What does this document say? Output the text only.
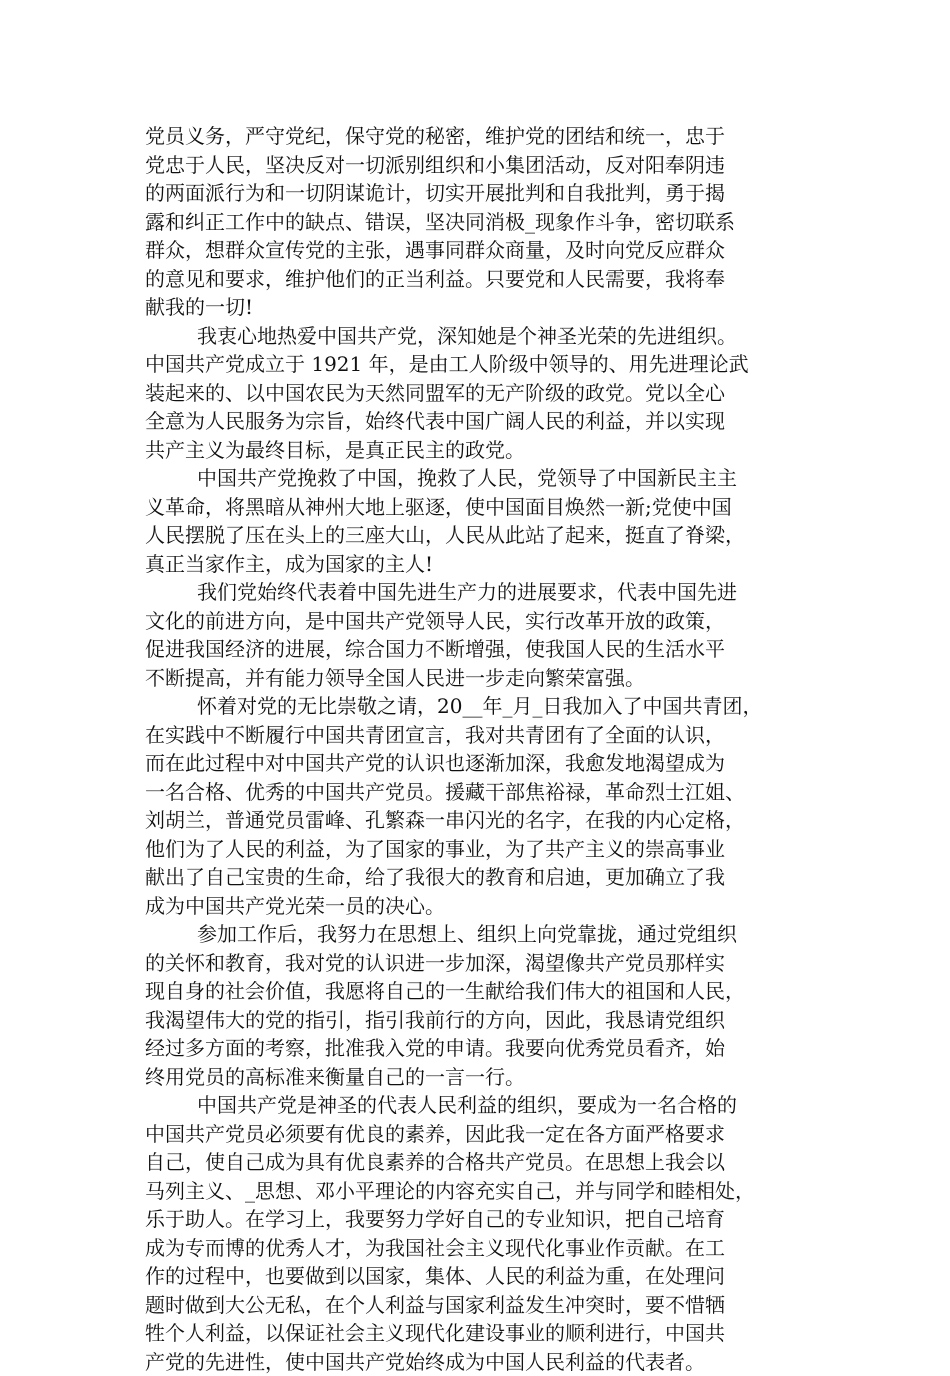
党员义务，严守党纪，保守党的秘密，维护党的团结和统一，忠于
党忠于人民，坚决反对一切派别组织和小集团活动，反对阳奉阴违
的两面派行为和一切阴谋诡计，切实开展批判和自我批判，勇于揭
露和纠正工作中的缺点、错误，坚决同消极_现象作斗争，密切联系
群众，想群众宣传党的主张，遇事同群众商量，及时向党反应群众
的意见和要求，维护他们的正当利益。只要党和人民需要，我将奉
献我的一切!
我衷心地热爱中国共产党，深知她是个神圣光荣的先进组织。
中国共产党成立于 1921 年，是由工人阶级中领导的、用先进理论武
装起来的、以中国农民为天然同盟军的无产阶级的政党。党以全心
全意为人民服务为宗旨，始终代表中国广阔人民的利益，并以实现
共产主义为最终目标，是真正民主的政党。
中国共产党挽救了中国，挽救了人民，党领导了中国新民主主
义革命，将黑暗从神州大地上驱逐，使中国面目焕然一新;党使中国
人民摆脱了压在头上的三座大山，人民从此站了起来，挺直了脊梁，
真正当家作主，成为国家的主人!
我们党始终代表着中国先进生产力的进展要求，代表中国先进
文化的前进方向，是中国共产党领导人民，实行改革开放的政策，
促进我国经济的进展，综合国力不断增强，使我国人民的生活水平
不断提高，并有能力领导全国人民进一步走向繁荣富强。
怀着对党的无比崇敬之请，20__年_月_日我加入了中国共青团，
在实践中不断履行中国共青团宣言，我对共青团有了全面的认识，
而在此过程中对中国共产党的认识也逐渐加深，我愈发地渴望成为
一名合格、优秀的中国共产党员。援藏干部焦裕禄，革命烈士江姐、
刘胡兰，普通党员雷峰、孔繁森一串闪光的名字，在我的内心定格，
他们为了人民的利益，为了国家的事业，为了共产主义的崇高事业
献出了自己宝贵的生命，给了我很大的教育和启迪，更加确立了我
成为中国共产党光荣一员的决心。
参加工作后，我努力在思想上、组织上向党靠拢，通过党组织
的关怀和教育，我对党的认识进一步加深，渴望像共产党员那样实
现自身的社会价值，我愿将自己的一生献给我们伟大的祖国和人民，
我渴望伟大的党的指引，指引我前行的方向，因此，我恳请党组织
经过多方面的考察，批准我入党的申请。我要向优秀党员看齐，始
终用党员的高标准来衡量自己的一言一行。
中国共产党是神圣的代表人民利益的组织，要成为一名合格的
中国共产党员必须要有优良的素养，因此我一定在各方面严格要求
自己，使自己成为具有优良素养的合格共产党员。在思想上我会以
马列主义、_思想、邓小平理论的内容充实自己，并与同学和睦相处，
乐于助人。在学习上，我要努力学好自己的专业知识，把自己培育
成为专而博的优秀人才，为我国社会主义现代化事业作贡献。在工
作的过程中，也要做到以国家，集体、人民的利益为重，在处理问
题时做到大公无私，在个人利益与国家利益发生冲突时，要不惜牺
牲个人利益，以保证社会主义现代化建设事业的顺利进行，中国共
产党的先进性，使中国共产党始终成为中国人民利益的代表者。
